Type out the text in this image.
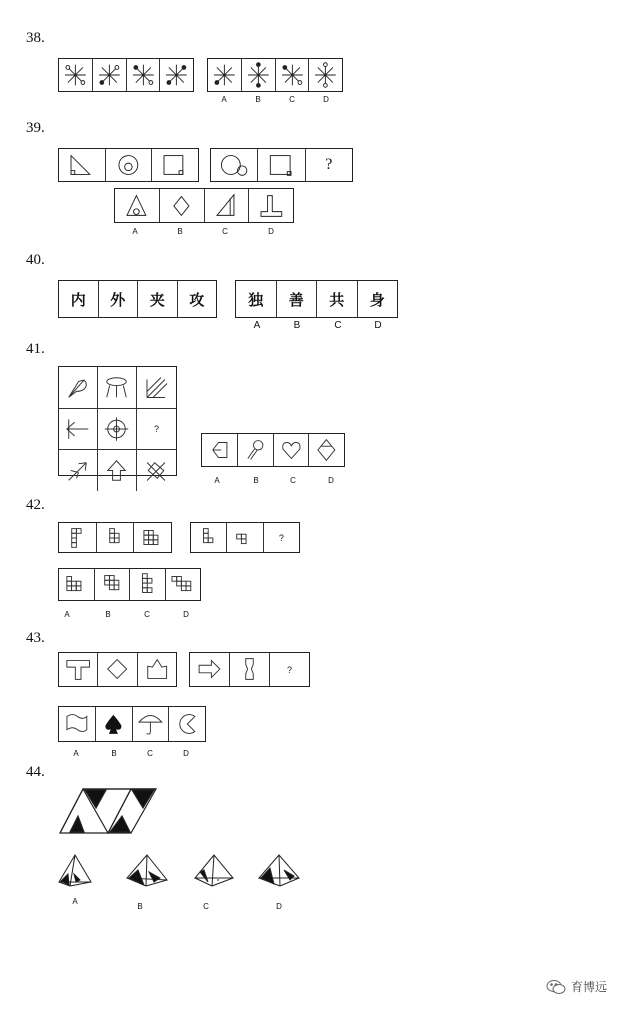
38.
A	B	C	D
39.
?
A	B	C	D
40.
内	外	夹	攻	独	善	共	身
A	B	C	D
41.
?
A	B	C	D
42.
?
A	B	C	D
43.
?
A	B	C	D
44.
A
B	C	D
育博远
